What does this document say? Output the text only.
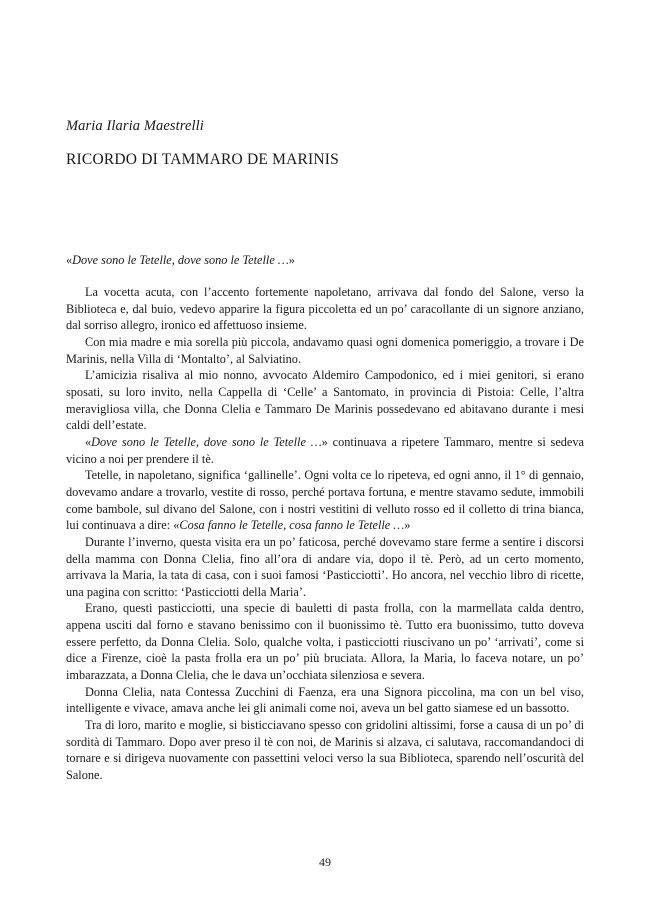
Maria Ilaria Maestrelli
RICORDO DI TAMMARO DE MARINIS
«Dove sono le Tetelle, dove sono le Tetelle …»

La vocetta acuta, con l’accento fortemente napoletano, arrivava dal fondo del Salone, verso la Biblioteca e, dal buio, vedevo apparire la figura piccoletta ed un po’ caracollante di un signore anziano, dal sorriso allegro, ironico ed affettuoso insieme.

Con mia madre e mia sorella più piccola, andavamo quasi ogni domenica pomeriggio, a trovare i De Marinis, nella Villa di ‘Montalto’, al Salviatino.

L’amicizia risaliva al mio nonno, avvocato Aldemiro Campodonico, ed i miei genitori, si erano sposati, su loro invito, nella Cappella di ‘Celle’ a Santomato, in provincia di Pistoia: Celle, l’altra meravigliosa villa, che Donna Clelia e Tammaro De Marinis possedevano ed abitavano durante i mesi caldi dell’estate.

«Dove sono le Tetelle, dove sono le Tetelle …» continuava a ripetere Tammaro, mentre si sedeva vicino a noi per prendere il tè.

Tetelle, in napoletano, significa ‘gallinelle’. Ogni volta ce lo ripeteva, ed ogni anno, il 1° di gennaio, dovevamo andare a trovarlo, vestite di rosso, perché portava fortuna, e mentre stavamo sedute, immobili come bambole, sul divano del Salone, con i nostri vestitini di velluto rosso ed il colletto di trina bianca, lui continuava a dire: «Cosa fanno le Tetelle, cosa fanno le Tetelle …»

Durante l’inverno, questa visita era un po’ faticosa, perché dovevamo stare ferme a sentire i discorsi della mamma con Donna Clelia, fino all’ora di andare via, dopo il tè. Però, ad un certo momento, arrivava la Maria, la tata di casa, con i suoi famosi ‘Pasticciotti’. Ho ancora, nel vecchio libro di ricette, una pagina con scritto: ‘Pasticciotti della Maria’.

Erano, questi pasticciotti, una specie di bauletti di pasta frolla, con la marmellata calda dentro, appena usciti dal forno e stavano benissimo con il buonissimo tè. Tutto era buonissimo, tutto doveva essere perfetto, da Donna Clelia. Solo, qualche volta, i pasticciotti riuscivano un po’ ‘arrivati’, come si dice a Firenze, cioè la pasta frolla era un po’ più bruciata. Allora, la Maria, lo faceva notare, un po’ imbarazzata, a Donna Clelia, che le dava un’occhiata silenziosa e severa.

Donna Clelia, nata Contessa Zucchini di Faenza, era una Signora piccolina, ma con un bel viso, intelligente e vivace, amava anche lei gli animali come noi, aveva un bel gatto siamese ed un bassotto.

Tra di loro, marito e moglie, si bisticciavano spesso con gridolini altissimi, forse a causa di un po’ di sordità di Tammaro. Dopo aver preso il tè con noi, de Marinis si alzava, ci salutava, raccomandandoci di tornare e si dirigeva nuovamente con passettini veloci verso la sua Biblioteca, sparendo nell’oscurità del Salone.

49
